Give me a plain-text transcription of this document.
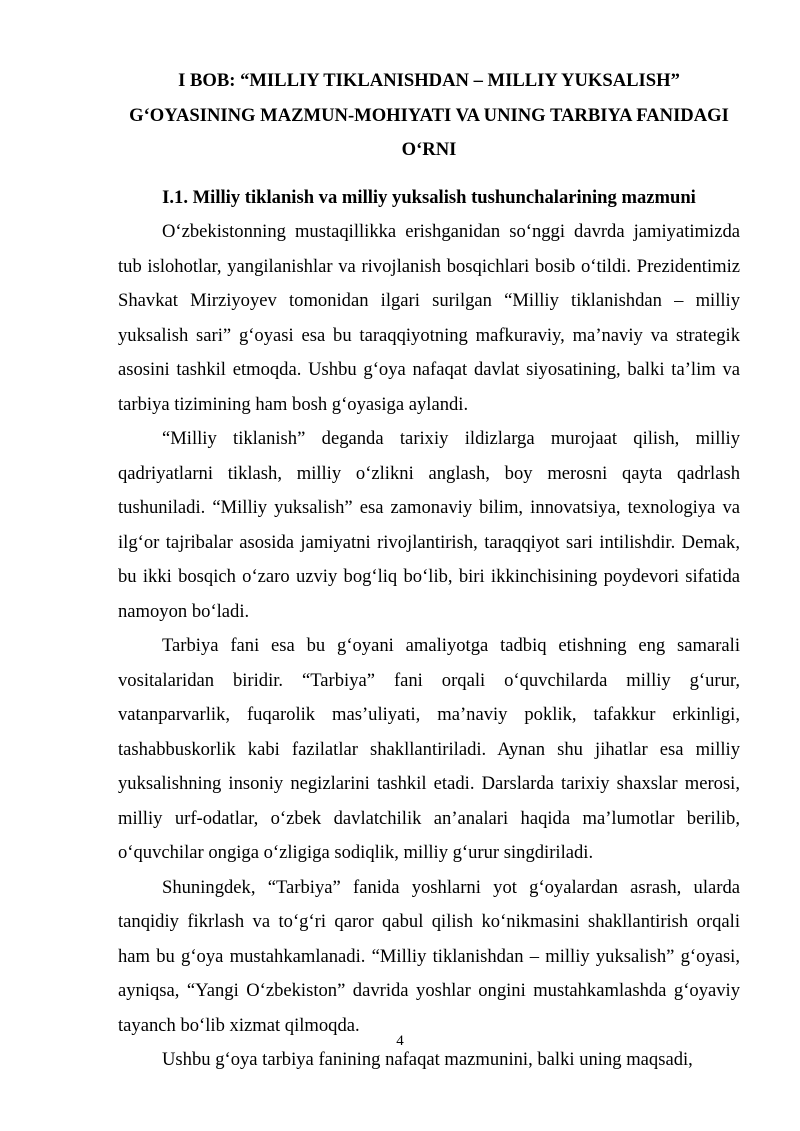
I BOB: “MILLIY TIKLANISHDAN – MILLIY YUKSALISH” G‘OYASINING MAZMUN-MOHIYATI VA UNING TARBIYA FANIDAGI O‘RNI
I.1. Milliy tiklanish va milliy yuksalish tushunchalarining mazmuni

O‘zbekistonning mustaqillikka erishganidan so‘nggi davrda jamiyatimizda tub islohotlar, yangilanishlar va rivojlanish bosqichlari bosib o‘tildi. Prezidentimiz Shavkat Mirziyoyev tomonidan ilgari surilgan “Milliy tiklanishdan – milliy yuksalish sari” g‘oyasi esa bu taraqqiyotning mafkuraviy, ma’naviy va strategik asosini tashkil etmoqda. Ushbu g‘oya nafaqat davlat siyosatining, balki ta’lim va tarbiya tizimining ham bosh g‘oyasiga aylandi.

“Milliy tiklanish” deganda tarixiy ildizlarga murojaat qilish, milliy qadriyatlarni tiklash, milliy o‘zlikni anglash, boy merosni qayta qadrlash tushuniladi. “Milliy yuksalish” esa zamonaviy bilim, innovatsiya, texnologiya va ilg‘or tajribalar asosida jamiyatni rivojlantirish, taraqqiyot sari intilishdir. Demak, bu ikki bosqich o‘zaro uzviy bog‘liq bo‘lib, biri ikkinchisining poydevori sifatida namoyon bo‘ladi.

Tarbiya fani esa bu g‘oyani amaliyotga tadbiq etishning eng samarali vositalaridan biridir. “Tarbiya” fani orqali o‘quvchilarda milliy g‘urur, vatanparvarlik, fuqarolik mas’uliyati, ma’naviy poklik, tafakkur erkinligi, tashabbuskorlik kabi fazilatlar shakllantiriladi. Aynan shu jihatlar esa milliy yuksalishning insoniy negizlarini tashkil etadi. Darslarda tarixiy shaxslar merosi, milliy urf-odatlar, o‘zbek davlatchilik an’analari haqida ma’lumotlar berilib, o‘quvchilar ongiga o‘zligiga sodiqlik, milliy g‘urur singdiriladi.

Shuningdek, “Tarbiya” fanida yoshlarni yot g‘oyalardan asrash, ularda tanqidiy fikrlash va to‘g‘ri qaror qabul qilish ko‘nikmasini shakllantirish orqali ham bu g‘oya mustahkamlanadi. “Milliy tiklanishdan – milliy yuksalish” g‘oyasi, ayniqsa, “Yangi O‘zbekiston” davrida yoshlar ongini mustahkamlashda g‘oyaviy tayanch bo‘lib xizmat qilmoqda.

Ushbu g‘oya tarbiya fanining nafaqat mazmunini, balki uning maqsadi,

4
